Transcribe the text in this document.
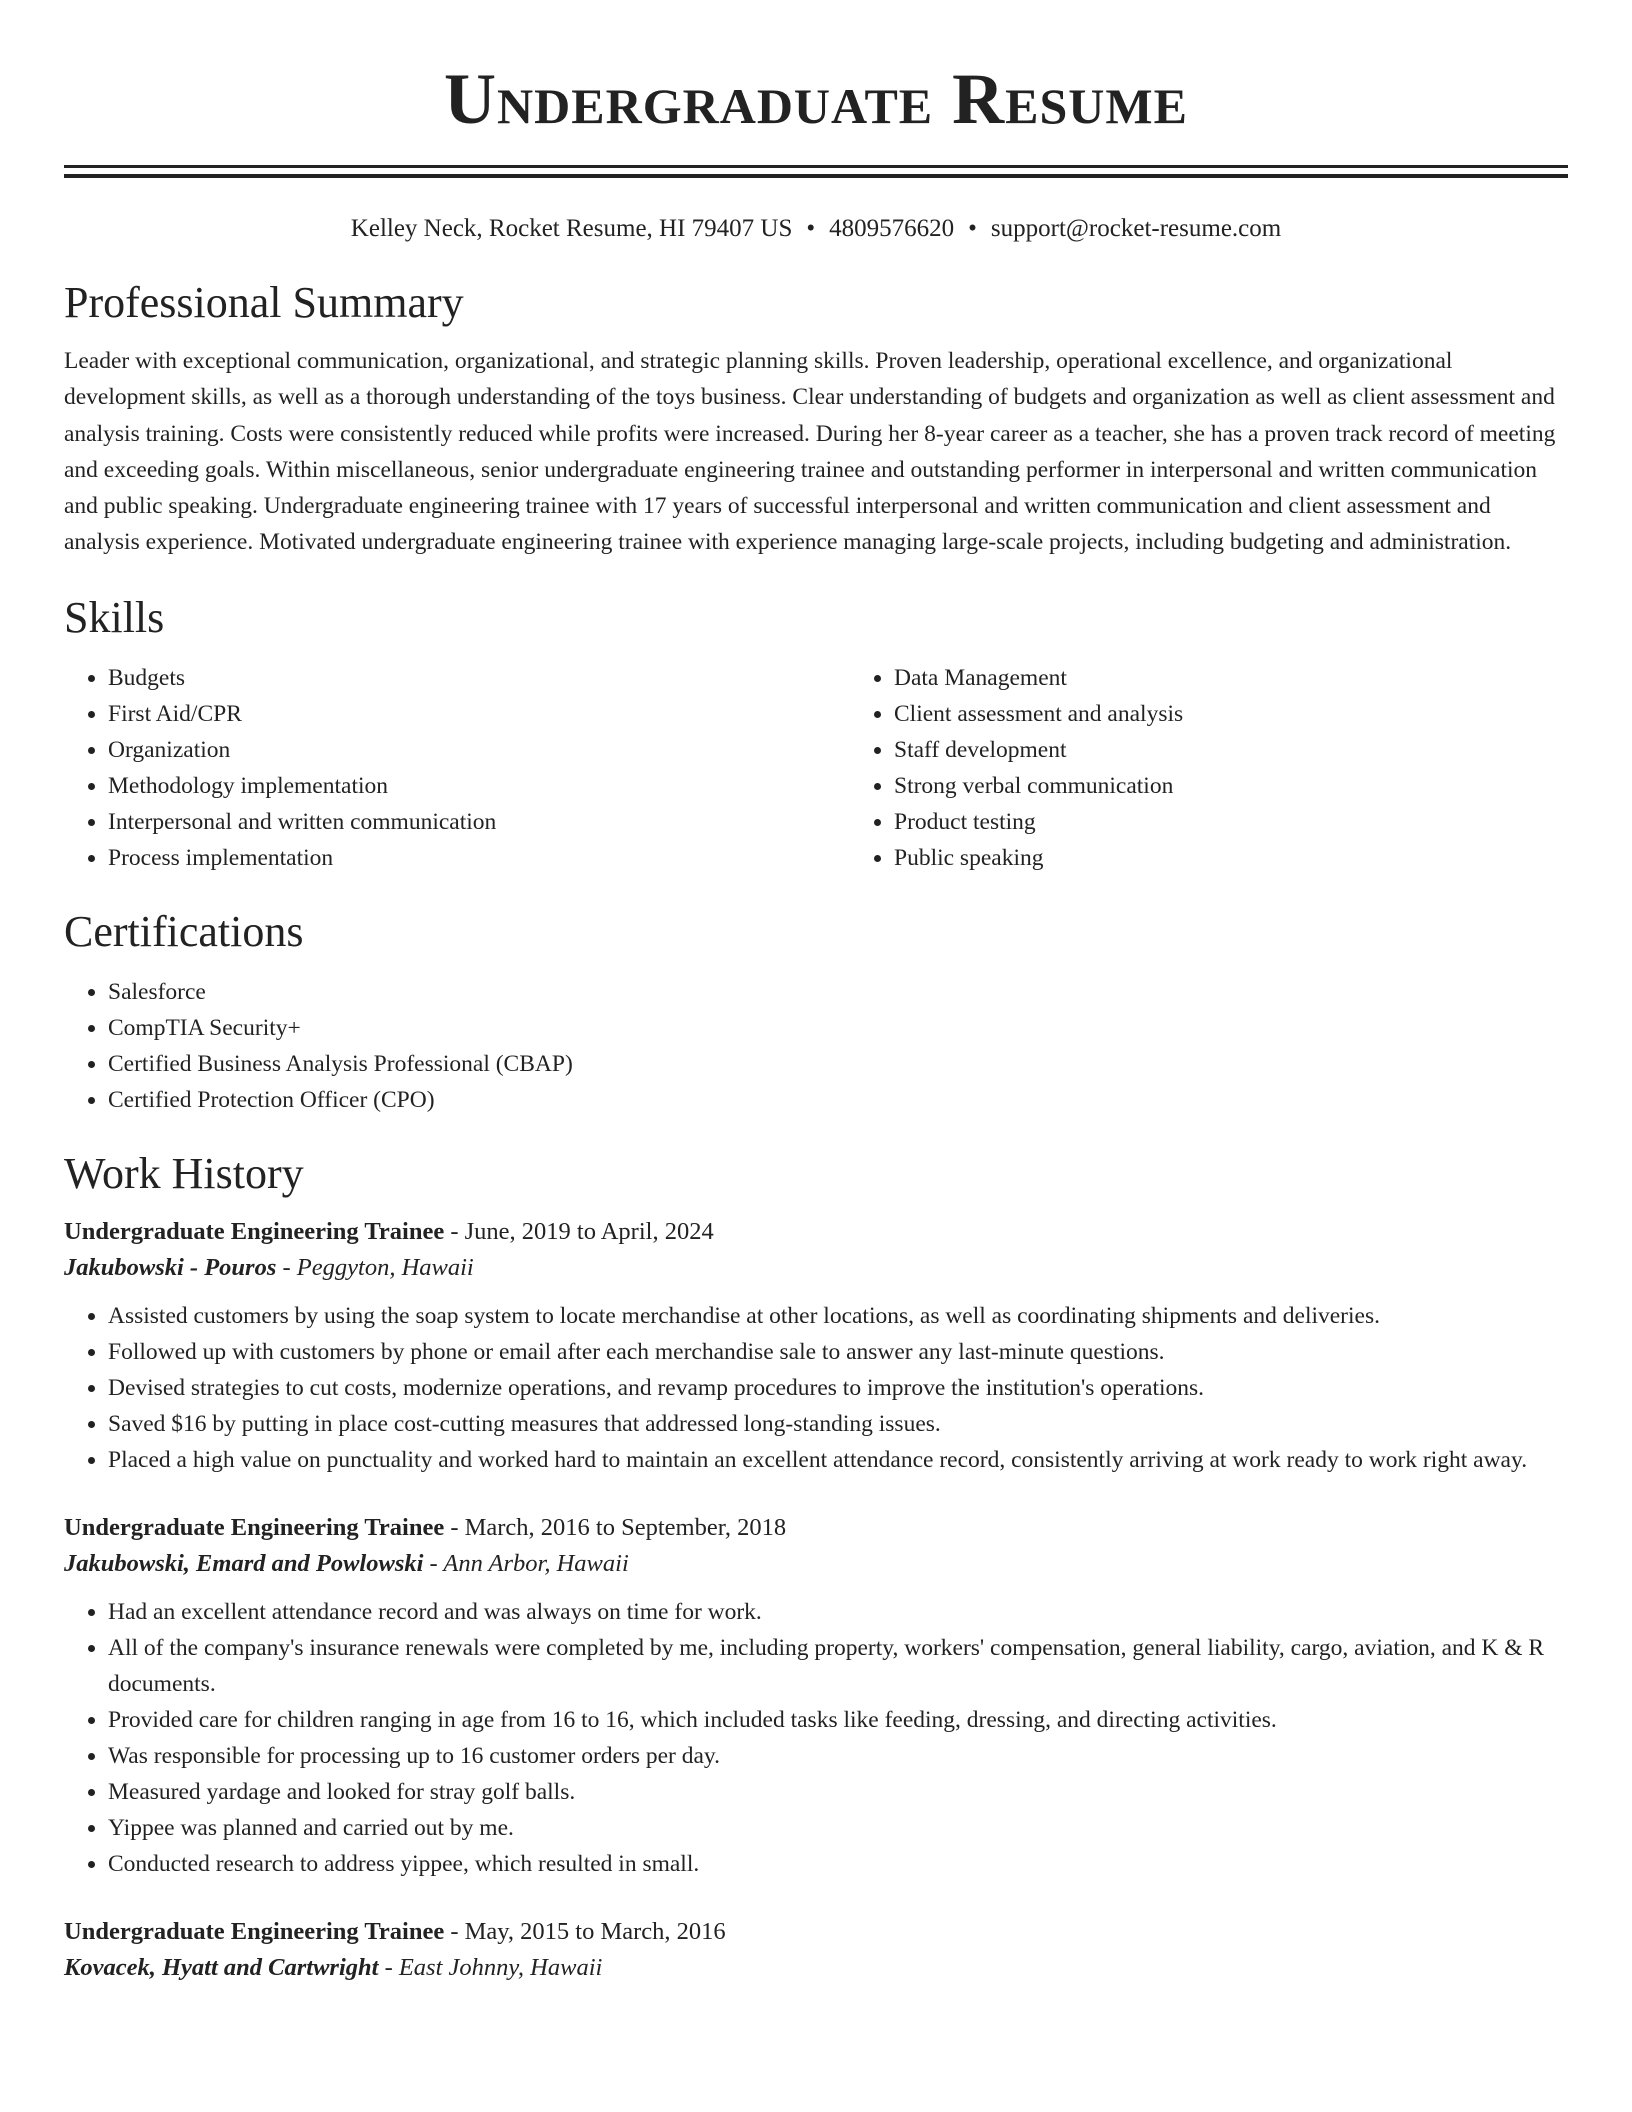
Undergraduate Resume
Kelley Neck, Rocket Resume, HI 79407 US • 4809576620 • support@rocket-resume.com
Professional Summary

Leader with exceptional communication, organizational, and strategic planning skills. Proven leadership, operational excellence, and organizational development skills, as well as a thorough understanding of the toys business. Clear understanding of budgets and organization as well as client assessment and analysis training. Costs were consistently reduced while profits were increased. During her 8-year career as a teacher, she has a proven track record of meeting and exceeding goals. Within miscellaneous, senior undergraduate engineering trainee and outstanding performer in interpersonal and written communication and public speaking. Undergraduate engineering trainee with 17 years of successful interpersonal and written communication and client assessment and analysis experience. Motivated undergraduate engineering trainee with experience managing large-scale projects, including budgeting and administration.

Skills
• Budgets
• First Aid/CPR
• Organization
• Methodology implementation
• Interpersonal and written communication
• Process implementation
• Data Management
• Client assessment and analysis
• Staff development
• Strong verbal communication
• Product testing
• Public speaking
Certifications
• Salesforce
• CompTIA Security+
• Certified Business Analysis Professional (CBAP)
• Certified Protection Officer (CPO)
Work History
Undergraduate Engineering Trainee - June, 2019 to April, 2024
Jakubowski - Pouros - Peggyton, Hawaii
• Assisted customers by using the soap system to locate merchandise at other locations, as well as coordinating shipments and deliveries.
• Followed up with customers by phone or email after each merchandise sale to answer any last-minute questions.
• Devised strategies to cut costs, modernize operations, and revamp procedures to improve the institution's operations.
• Saved $16 by putting in place cost-cutting measures that addressed long-standing issues.
• Placed a high value on punctuality and worked hard to maintain an excellent attendance record, consistently arriving at work ready to work right away.
Undergraduate Engineering Trainee - March, 2016 to September, 2018
Jakubowski, Emard and Powlowski - Ann Arbor, Hawaii
• Had an excellent attendance record and was always on time for work.
• All of the company's insurance renewals were completed by me, including property, workers' compensation, general liability, cargo, aviation, and K & R documents.
• Provided care for children ranging in age from 16 to 16, which included tasks like feeding, dressing, and directing activities.
• Was responsible for processing up to 16 customer orders per day.
• Measured yardage and looked for stray golf balls.
• Yippee was planned and carried out by me.
• Conducted research to address yippee, which resulted in small.
Undergraduate Engineering Trainee - May, 2015 to March, 2016
Kovacek, Hyatt and Cartwright - East Johnny, Hawaii
